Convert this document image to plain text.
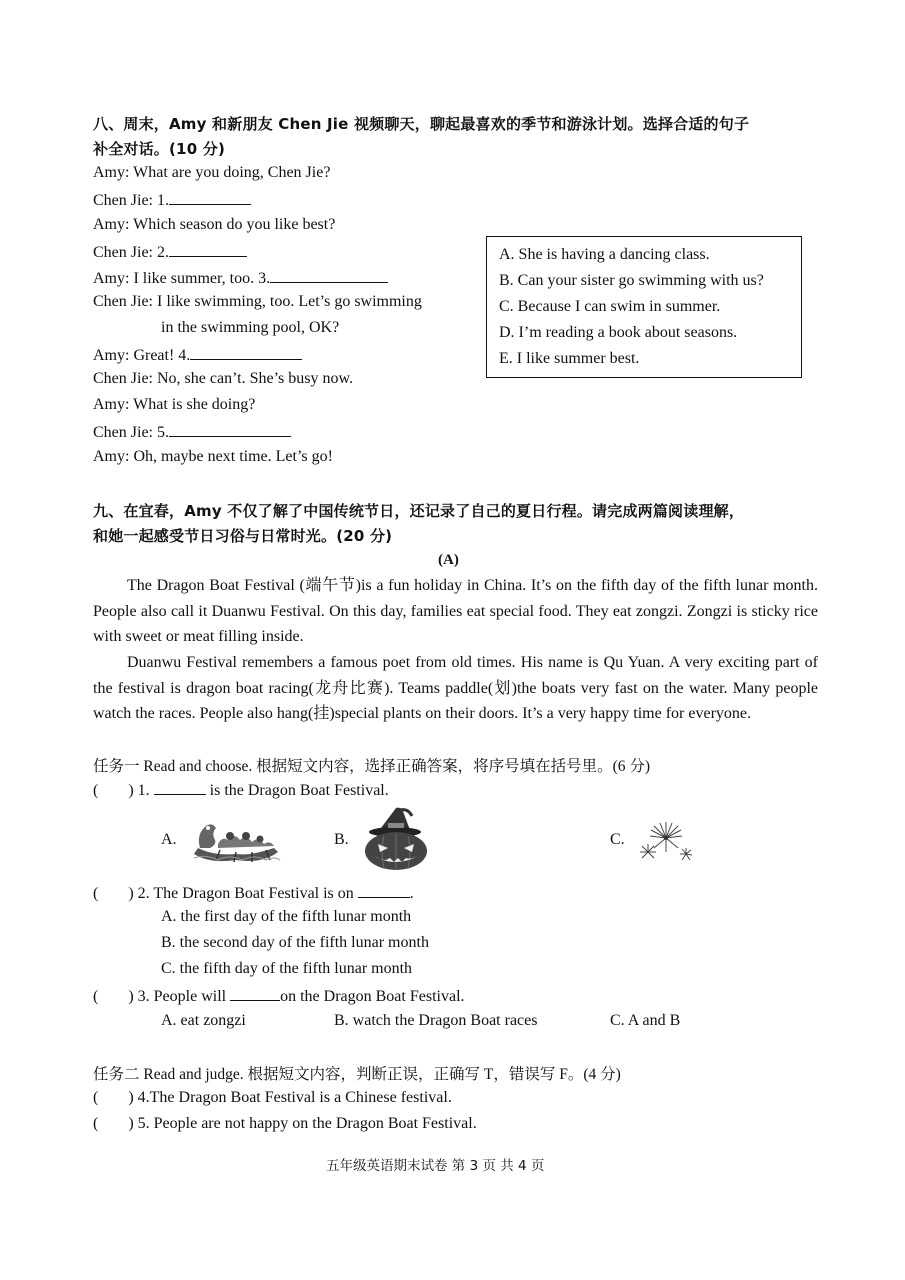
八、周末，Amy 和新朋友 Chen Jie 视频聊天，聊起最喜欢的季节和游泳计划。选择合适的句子
补全对话。(10 分)
Amy: What are you doing, Chen Jie?
Chen Jie: 1.
Amy: Which season do you like best?
Chen Jie: 2.
Amy: I like summer, too. 3.
Chen Jie: I like swimming, too. Let’s go swimming
in the swimming pool, OK?
Amy: Great! 4.
Chen Jie: No, she can’t. She’s busy now.
Amy: What is she doing?
Chen Jie: 5.
Amy: Oh, maybe next time. Let’s go!
A. She is having a dancing class.
B. Can your sister go swimming with us?
C. Because I can swim in summer.
D. I’m reading a book about seasons.
E. I like summer best.
九、在宜春，Amy 不仅了解了中国传统节日，还记录了自己的夏日行程。请完成两篇阅读理解，
和她一起感受节日习俗与日常时光。(20 分)
(A)
The Dragon Boat Festival (端午节)is a fun holiday in China. It’s on the fifth day of the fifth lunar month. People also call it Duanwu Festival. On this day, families eat special food. They eat zongzi. Zongzi is sticky rice with sweet or meat filling inside.
Duanwu Festival remembers a famous poet from old times. His name is Qu Yuan. A very exciting part of the festival is dragon boat racing(龙舟比赛). Teams paddle(划)the boats very fast on the water. Many people watch the races. People also hang(挂)special plants on their doors. It’s a very happy time for everyone.
任务一 Read and choose. 根据短文内容，选择正确答案，将序号填在括号里。(6 分)
( ) 1.	is the Dragon Boat Festival.
A.	B.	C.
( ) 2. The Dragon Boat Festival is on	.
A. the first day of the fifth lunar month
B. the second day of the fifth lunar month
C. the fifth day of the fifth lunar month
( ) 3. People will	on the Dragon Boat Festival.
A. eat zongzi	B. watch the Dragon Boat races	C. A and B
任务二 Read and judge. 根据短文内容，判断正误，正确写 T，错误写 F。(4 分)
( ) 4.The Dragon Boat Festival is a Chinese festival.
( ) 5. People are not happy on the Dragon Boat Festival.
五年级英语期末试卷 第 3 页 共 4 页
